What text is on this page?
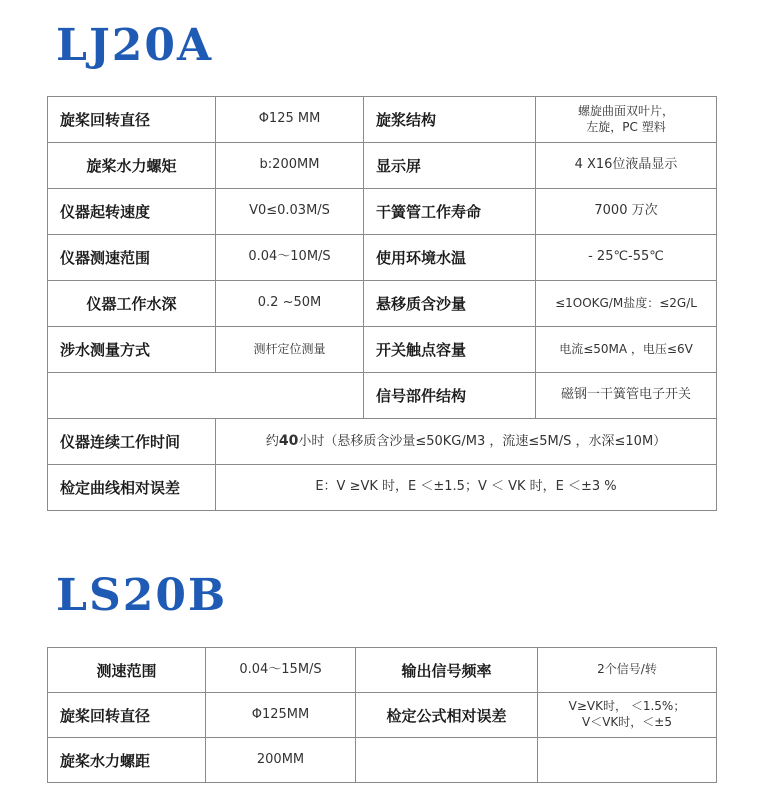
LJ20A
旋桨回转直径	Φ125 MM	旋浆结构	螺旋曲面双叶片，
左旋，PC 塑料

旋桨水力螺矩	b:200MM	显示屏	4 X16位液晶显示
仪器起转速度	V0≤0.03M/S	干簧管工作寿命	7000 万次
仪器测速范围	0.04～10M/S	使用环境水温	- 25℃-55℃
仪器工作水深	0.2 ~50M	悬移质含沙量	≤1OOKG/M盐度：≤2G/L
涉水测量方式	测杆定位测量	开关触点容量	电流≤50MA ，电压≤6V
		信号部件结构	磁钢一干簧管电子开关
仪器连续工作时间	约40小时（悬移质含沙量≤50KG/M3 ，流速≤5M/S ，水深≤10M）		
检定曲线相对误差	E：V ≥VK 时，E ＜±1.5；V ＜ VK 时，E ＜±3 %		
LS20B
测速范围	0.04～15M/S	输出信号频率	2个信号/转
旋桨回转直径	Φ125MM	检定公式相对误差	V≥VK时， ＜1.5%；
V＜VK时，＜±5

旋桨水力螺距	200MM		
